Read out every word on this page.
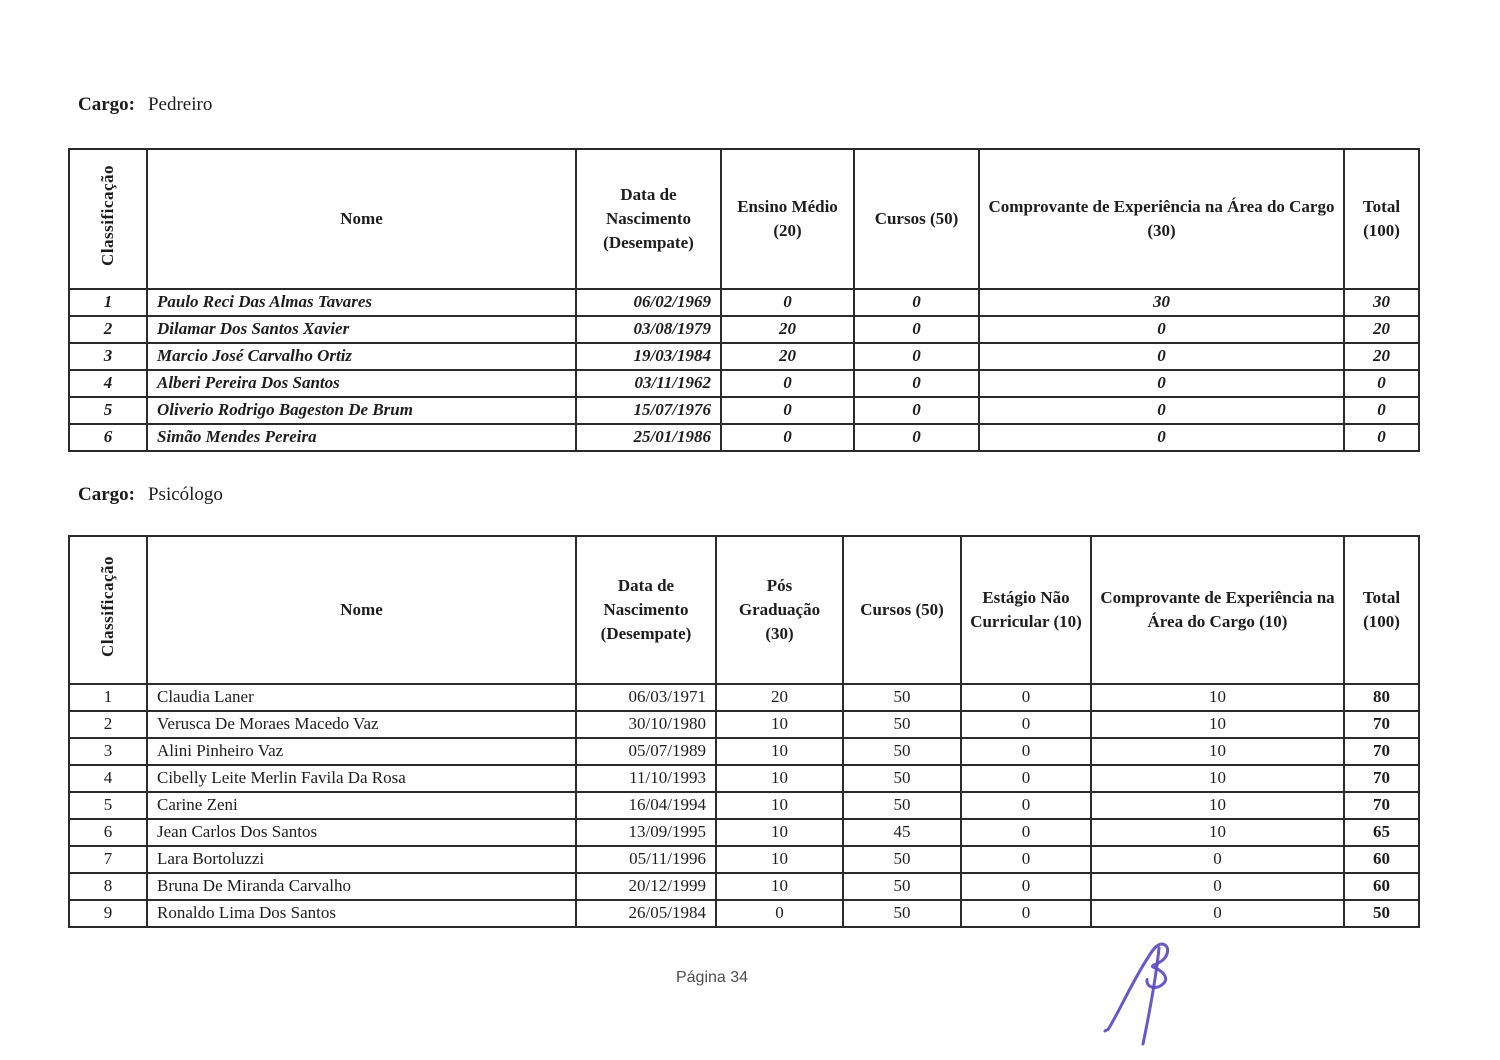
Cargo: Pedreiro
Classificação	Nome	Data de Nascimento (Desempate)	Ensino Médio (20)	Cursos (50)	Comprovante de Experiência na Área do Cargo (30)	Total (100)
1	Paulo Reci Das Almas Tavares	06/02/1969	0	0	30	30
2	Dilamar Dos Santos Xavier	03/08/1979	20	0	0	20
3	Marcio José Carvalho Ortiz	19/03/1984	20	0	0	20
4	Alberi Pereira Dos Santos	03/11/1962	0	0	0	0
5	Oliverio Rodrigo Bageston De Brum	15/07/1976	0	0	0	0
6	Simão Mendes Pereira	25/01/1986	0	0	0	0
Cargo: Psicólogo
Classificação	Nome	Data de Nascimento (Desempate)	Pós Graduação (30)	Cursos (50)	Estágio Não Curricular (10)	Comprovante de Experiência na Área do Cargo (10)	Total (100)
1	Claudia Laner	06/03/1971	20	50	0	10	80
2	Verusca De Moraes Macedo Vaz	30/10/1980	10	50	0	10	70
3	Alini Pinheiro Vaz	05/07/1989	10	50	0	10	70
4	Cibelly Leite Merlin Favila Da Rosa	11/10/1993	10	50	0	10	70
5	Carine Zeni	16/04/1994	10	50	0	10	70
6	Jean Carlos Dos Santos	13/09/1995	10	45	0	10	65
7	Lara Bortoluzzi	05/11/1996	10	50	0	0	60
8	Bruna De Miranda Carvalho	20/12/1999	10	50	0	0	60
9	Ronaldo Lima Dos Santos	26/05/1984	0	50	0	0	50
Página 34
